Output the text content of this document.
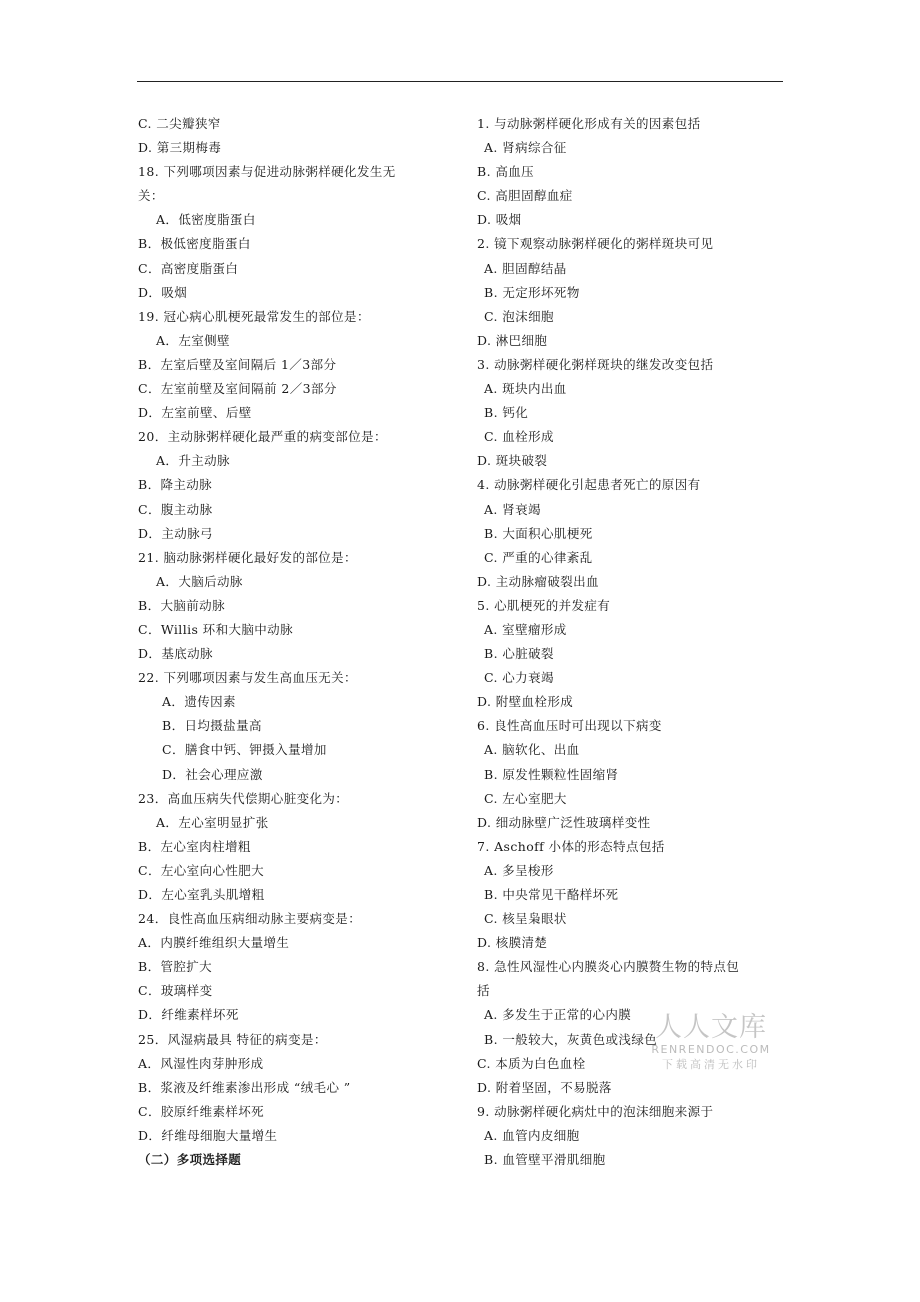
C. 二尖瓣狭窄
D. 第三期梅毒
18. 下列哪项因素与促进动脉粥样硬化发生无
关：
A．低密度脂蛋白
B．极低密度脂蛋白
C．高密度脂蛋白
D．吸烟
19. 冠心病心肌梗死最常发生的部位是：
A．左室侧壁
B．左室后壁及室间隔后 1／3部分
C．左室前壁及室间隔前 2／3部分
D．左室前壁、后壁
20．主动脉粥样硬化最严重的病变部位是：
A．升主动脉
B．降主动脉
C．腹主动脉
D．主动脉弓
21. 脑动脉粥样硬化最好发的部位是：
A．大脑后动脉
B．大脑前动脉
C．Willis 环和大脑中动脉
D．基底动脉
22. 下列哪项因素与发生高血压无关：
A．遗传因素
B．日均摄盐量高
C．膳食中钙、钾摄入量增加
D．社会心理应激
23．高血压病失代偿期心脏变化为：
A．左心室明显扩张
B．左心室肉柱增粗
C．左心室向心性肥大
D．左心室乳头肌增粗
24．良性高血压病细动脉主要病变是：
A．内膜纤维组织大量增生
B．管腔扩大
C．玻璃样变
D．纤维素样坏死
25．风湿病最具 特征的病变是：
A．风湿性肉芽肿形成
B．浆液及纤维素渗出形成 “绒毛心 ”
C．胶原纤维素样坏死
D．纤维母细胞大量增生
（二）多项选择题
1. 与动脉粥样硬化形成有关的因素包括
A. 肾病综合征
B. 高血压
C. 高胆固醇血症
D. 吸烟
2. 镜下观察动脉粥样硬化的粥样斑块可见
A. 胆固醇结晶
B. 无定形坏死物
C. 泡沫细胞
D. 淋巴细胞
3. 动脉粥样硬化粥样斑块的继发改变包括
A. 斑块内出血
B. 钙化
C. 血栓形成
D. 斑块破裂
4. 动脉粥样硬化引起患者死亡的原因有
A. 肾衰竭
B. 大面积心肌梗死
C. 严重的心律紊乱
D. 主动脉瘤破裂出血
5. 心肌梗死的并发症有
A. 室壁瘤形成
B. 心脏破裂
C. 心力衰竭
D. 附壁血栓形成
6. 良性高血压时可出现以下病变
A. 脑软化、出血
B. 原发性颗粒性固缩肾
C. 左心室肥大
D. 细动脉壁广泛性玻璃样变性
7. Aschoff 小体的形态特点包括
A. 多呈梭形
B. 中央常见干酪样坏死
C. 核呈枭眼状
D. 核膜清楚
8. 急性风湿性心内膜炎心内膜赘生物的特点包
括
A. 多发生于正常的心内膜
B. 一般较大，灰黄色或浅绿色
C. 本质为白色血栓
D. 附着坚固，不易脱落
9. 动脉粥样硬化病灶中的泡沫细胞来源于
A. 血管内皮细胞
B. 血管壁平滑肌细胞
人人文库
RENRENDOC.COM
下载高清无水印
